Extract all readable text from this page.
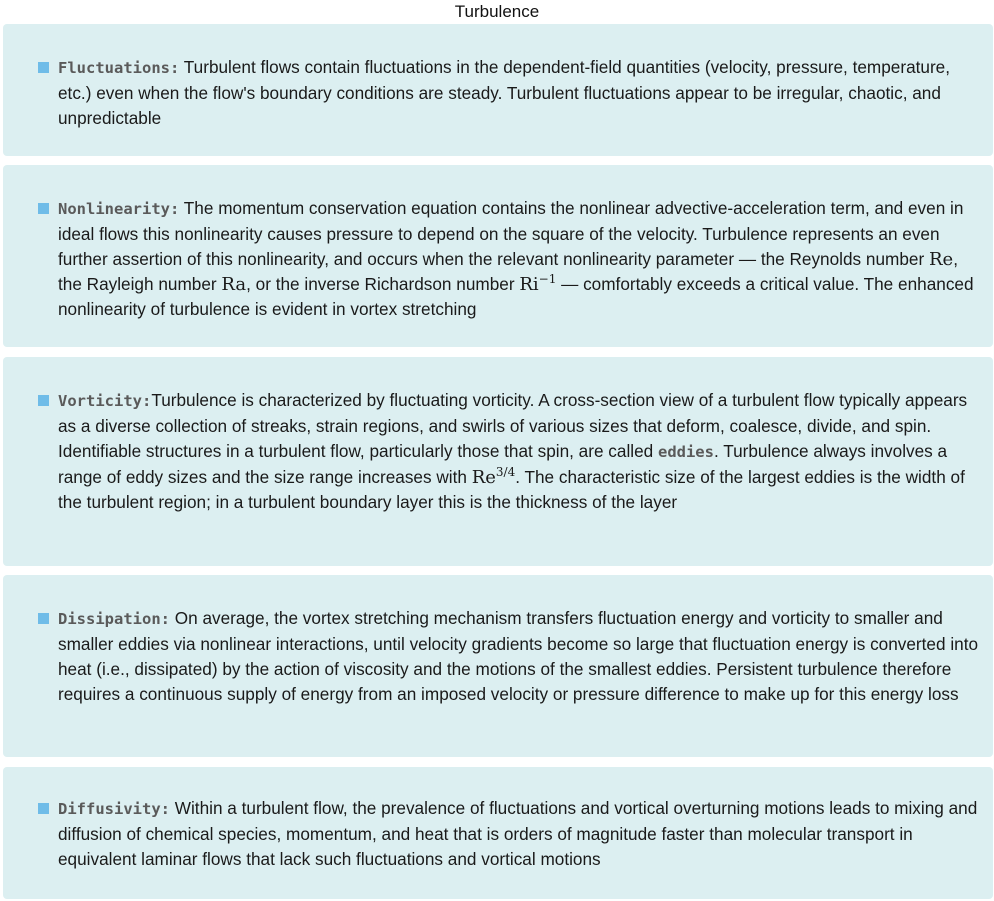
Turbulence
Fluctuations: Turbulent flows contain fluctuations in the dependent-field quantities (velocity, pressure, temperature, etc.) even when the flow's boundary conditions are steady. Turbulent fluctuations appear to be irregular, chaotic, and unpredictable
Nonlinearity: The momentum conservation equation contains the nonlinear advective-acceleration term, and even in ideal flows this nonlinearity causes pressure to depend on the square of the velocity. Turbulence represents an even further assertion of this nonlinearity, and occurs when the relevant nonlinearity parameter — the Reynolds number Re, the Rayleigh number Ra, or the inverse Richardson number $Ri^{-1}$ — comfortably exceeds a critical value. The enhanced nonlinearity of turbulence is evident in vortex stretching
Vorticity:Turbulence is characterized by fluctuating vorticity. A cross-section view of a turbulent flow typically appears as a diverse collection of streaks, strain regions, and swirls of various sizes that deform, coalesce, divide, and spin. Identifiable structures in a turbulent flow, particularly those that spin, are called eddies. Turbulence always involves a range of eddy sizes and the size range increases with $Re^{3/4}$. The characteristic size of the largest eddies is the width of the turbulent region; in a turbulent boundary layer this is the thickness of the layer
Dissipation: On average, the vortex stretching mechanism transfers fluctuation energy and vorticity to smaller and smaller eddies via nonlinear interactions, until velocity gradients become so large that fluctuation energy is converted into heat (i.e., dissipated) by the action of viscosity and the motions of the smallest eddies. Persistent turbulence therefore requires a continuous supply of energy from an imposed velocity or pressure difference to make up for this energy loss
Diffusivity: Within a turbulent flow, the prevalence of fluctuations and vortical overturning motions leads to mixing and diffusion of chemical species, momentum, and heat that is orders of magnitude faster than molecular transport in equivalent laminar flows that lack such fluctuations and vortical motions
